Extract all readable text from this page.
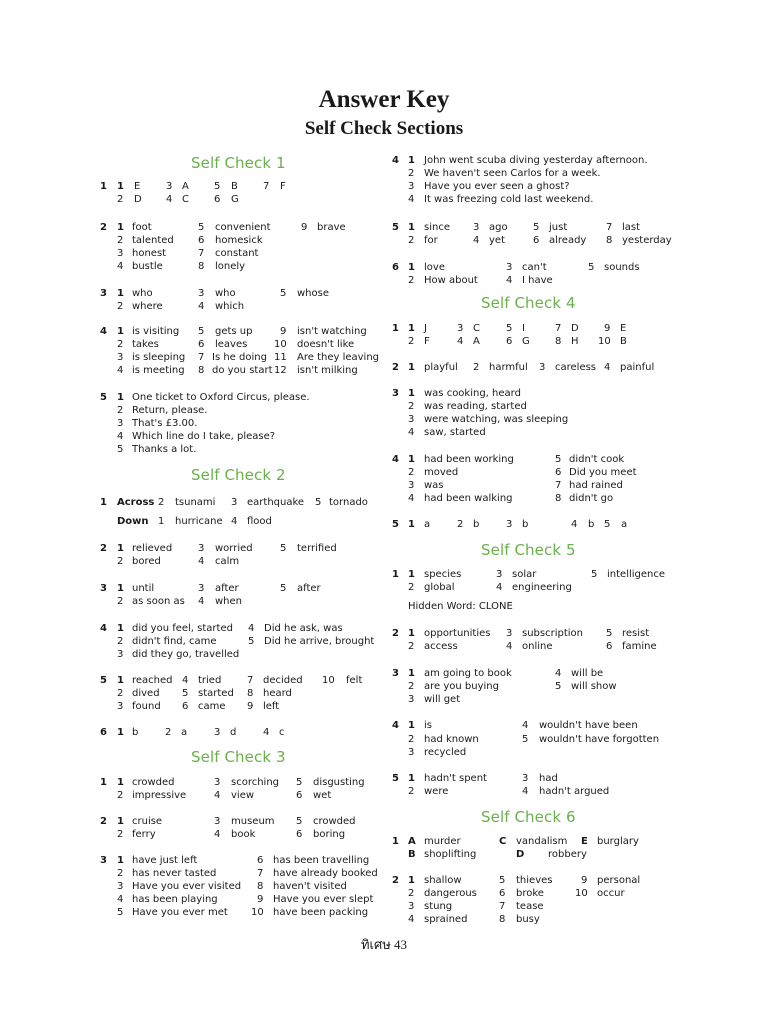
Answer Key
Self Check Sections
Self Check 1
Self Check 2
Self Check 3
Self Check 4
Self Check 5
Self Check 6
1 1 E	3 A	5 B	7 F
2 D 4 C	6 G
2 1 foot	5 convenient	9 brave
2 talented 6 homesick
3 honest	7 constant
4 bustle	8 lonely
3 1 who	3 who	5 whose
2 where	4 which
4 1 is visiting 5 gets up	9 isn't watching
2 takes	6 leaves	10 doesn't like
3 is sleeping 7 Is he doing 11 Are they leaving
4 is meeting 8 do you start 12 isn't milking
5 1 One ticket to Oxford Circus, please.
2 Return, please.
3 That's £3.00.
4 Which line do I take, please?
5 Thanks a lot.
1 Across 2 tsunami 3 earthquake 5 tornado
Down 1 hurricane 4 flood
2 1 relieved	3 worried	5 terrified
2 bored	4 calm
3 1 until	3 after	5 after
2 as soon as 4 when
4 1 did you feel, started 4 Did he ask, was
2 didn't find, came	5 Did he arrive, brought
3 did they go, travelled
5 1 reached 4 tried	7 decided 10 felt
2 dived 5 started 8 heard
3 found 6 came 9 left
6 1 b	2 a	3 d	4 c
1 1 crowded	3 scorching 5 disgusting
2 impressive	4 view	6 wet
2 1 cruise	3 museum 5 crowded
2 ferry	4 book	6 boring
3 1 have just left	6 has been travelling
2 has never tasted	7 have already booked
3 Have you ever visited 8 haven't visited
4 has been playing	9 Have you ever slept
5 Have you ever met 10 have been packing
4 1 John went scuba diving yesterday afternoon.
2 We haven't seen Carlos for a week.
3 Have you ever seen a ghost?
4 It was freezing cold last weekend.
5 1 since 3 ago	5 just	7 last
2 for	4 yet	6 already 8 yesterday
6 1 love	3 can't	5 sounds
2 How about	4 I have
1 1 J	3 C	5 I	7 D	9 E
2 F	4 A	6 G	8 H 10 B
2 1 playful 2 harmful 3 careless 4 painful
3 1 was cooking, heard
2 was reading, started
3 were watching, was sleeping
4 saw, started
4 1 had been working	5 didn't cook
2 moved	6 Did you meet
3 was	7 had rained
4 had been walking	8 didn't go
5 1 a	2 b	3 b	4 b 5 a
1 1 species	3 solar	5 intelligence
2 global	4 engineering
Hidden Word: CLONE
2 1 opportunities 3 subscription 5 resist
2 access	4 online	6 famine
3 1 am going to book	4 will be
2 are you buying	5 will show
3 will get
4 1 is	4 wouldn't have been
2 had known	5 wouldn't have forgotten
3 recycled
5 1 hadn't spent	3 had
2 were	4 hadn't argued
1 A murder	C vandalism E burglary
B shoplifting	D robbery
2 1 shallow	5 thieves	9 personal
2 dangerous 6 broke	10 occur
3 stung	7 tease
4 sprained	8 busy
ทิเศษ 43
